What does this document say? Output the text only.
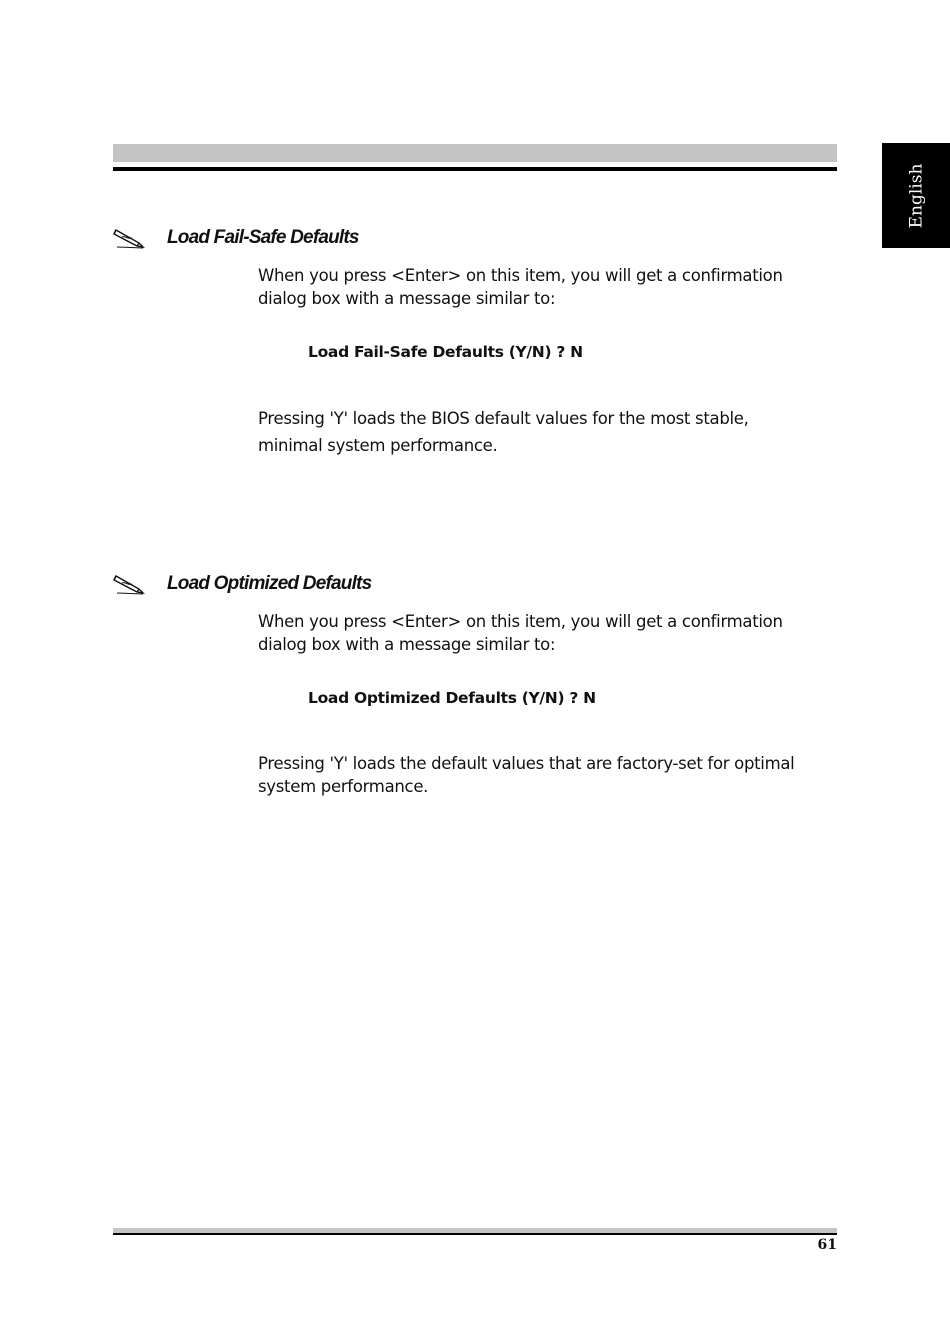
English
Load Fail-Safe Defaults

When you press <Enter> on this item, you will get a confirmation

dialog box with a message similar to:

Load Fail-Safe Defaults (Y/N) ? N

Pressing 'Y' loads the BIOS default values for the most stable,

minimal system performance.

Load Optimized Defaults

When you press <Enter> on this item, you will get a confirmation

dialog box with a message similar to:

Load Optimized Defaults (Y/N) ? N

Pressing 'Y' loads the default values that are factory-set for optimal

system performance.

61
